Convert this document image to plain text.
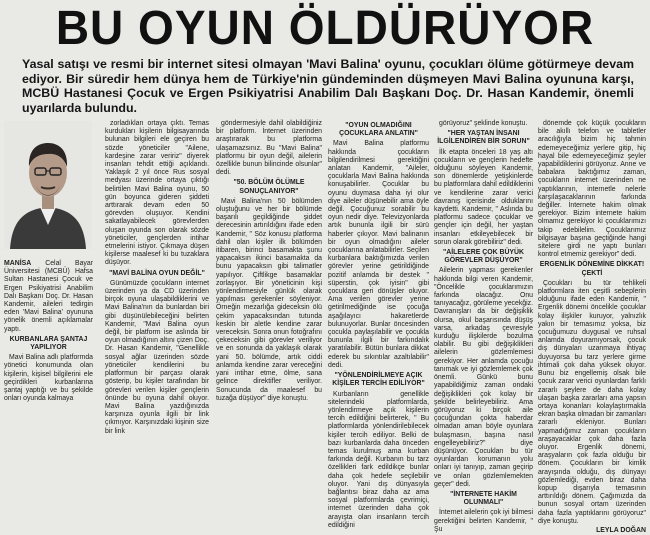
BU OYUN ÖLDÜRÜYOR
Yasal satışı ve resmi bir internet sitesi olmayan 'Mavi Balina' oyunu, çocukları ölüme götürmeye devam ediyor. Bir süredir hem dünya hem de Türkiye'nin gündeminden düşmeyen Mavi Balina oyununa karşı, MCBÜ Hastanesi Çocuk ve Ergen Psikiyatrisi Anabilim Dalı Başkanı Doç. Dr. Hasan Kandemir, önemli uyarılarda bulundu.

MANİSA Celal Bayar Üniversitesi (MCBÜ) Hafsa Sultan Hastanesi Çocuk ve Ergen Psikiyatrisi Anabilim Dalı Başkanı Doç. Dr. Hasan Kandemir, aileleri tedirgin eden 'Mavi Balina' oyununa yönelik önemli açıklamalar yaptı.

KURBANLARA ŞANTAJ YAPILIYOR

Mavi Balina adlı platformda yönetici konumunda olan kişilerin, kişisel bilgilerini ele geçirdikleri kurbanlarına şantaj yaptığı ve bu şekilde onları oyunda kalmaya

zorladıkları ortaya çıktı. Temas kurdukları kişilerin bilgisayarında bulunan bilgileri ele geçiren bu sözde yöneticiler "Ailene, kardeşine zarar veririz" diyerek insanları tehdit ettiği açıklandı. Yaklaşık 2 yıl önce Rus sosyal medyası üzerinde ortaya çıktığı belirtilen Mavi Balina oyunu, 50 gün boyunca gideren şiddeti arttırarak devam eden 50 görevden oluşuyor. Kendini sakatlayabilecek görevlerden oluşan oyunda son olarak sözde yöneticiler, gençlerden intihar etmelerini istiyor. Çıkmaya düşen kişilerse maalesef ki bu tuzaklara düşüyor.

"MAVİ BALİNA OYUN DEĞİL"

Günümüzde çocukların internet üzerinden ya da CD üzerinden birçok oyuna ulaşabildiklerini ve Mavi Balina'nın da bunlardan biri gibi düşünülebileceğini belirten Kandemir, "Mavi Balina oyun değil, bir platform ise aslında bir oyun olmadığının altını çizen Doç. Dr. Hasan Kandemir, "Genellikle sosyal ağlar üzerinden sözde yöneticiler kendilerini bu platformun bir parçası olarak gösterip, bu kişiler tarafından bir görevleri verilen kişiler gençlerin önünde bu oyuna dahil oluyor. Mavi Balina yazdığınızda karşınıza oyunla ilgili bir link çıkmıyor. Karşınızdaki kişinin size bir link

göndermesiyle dahil olabildiğiniz bir platform. İnternet üzerinden araştırarak bu platforma ulaşamazsınız. Bu "Mavi Balina" platformu bir oyun değil, ailelerin özellikle bunun bilincinde olsunlar" dedi.

"50. BÖLÜM ÖLÜMLE SONUÇLANIYOR"

Mavi Balina'nın 50 bölümden oluştuğunu ve her bir bölümde başarılı geçildiğinde şiddet derecesinin artırıldığını ifade eden Kandemir, " Söz konusu platforma dahil olan kişiler ilk bölümden itibaren, birinci basamakta şunu yapacaksın ikinci basamakta da bunu yapacaksın gibi talimatler yapılıyor. Çiftlikge basamaklar zorlaşıyor. Bir yöneticinin kişi yönlendirmesiyle günlük olarak yapılması gerekenler söyleniyor. Örneğin mezarlığa gideceksin ölü çekim yapacaksından tutunda keskin bir aletle kendine zarar vereceksin. Sonra onun fotoğrafını çekeceksin gibi görevler veriliyor ve en sonunda da yaklaşık olarak yani 50. bölümde, artık ciddi anlamda kendine zarar vereceğini yani intihar etme, ölme, sana gelince direktifler veriliyor. Sonucunda da maalesef bu tuzağa düşüyor" diye konuştu.

"OYUN OLMADIĞINI ÇOCUKLARA ANLATIN"

Mavi Balina platformu hakkında çocukların bilgilendirilmesi gerektiğini anlatan Kandemir, "Aileler, çocuklarla Mavi Balina hakkında konuşabilirler. Çocuklar bu oyunu duymasa daha iyi olur diye aileler düşünebilir ama öyle değil. Çocuğunuz sorabilir bu oyun nedir diye. Televizyonlarda artık bununla ilgili bir sürü haberler çıkıyor. Mavi balinanın bir oyun olmadığını aileler çocuklarına anlatabilirler. Seçilen kurbanlara baktığımızda verilen görevler yerine getirildiğinde pozitif anlamda bir destek " süperstin, çok iyisin" gibi çocuklara geri dönüşler oluyor. Ama verilen görevler yerine getirilmediğinde ise çocuğa aşağılayıcı hakaretlerde bulunuyorlar. Bunlar öncesinden çocukla paylaşılabilir ve çocukla bununla ilgili bir farkındalık yaratılabilir. Bütün bunlara dikkat ederek bu sıkıntılar azaltılabilir" dedi.

"YÖNLENDİRİLMEYE AÇIK KİŞİLER TERCİH EDİLİYOR"

Kurbanların genellikle sitelerindeki platformlarda, yönlendirmeye açık kişilerin tercih edildiğini belirterek, " Bu platformlarda yönlendirilebilecek kişiler tercih ediliyor. Belki de bazı kurbanlarda daha önceden temas kurulmuş ama kurban farkında değil. Kurbanın bu tarz özellikleri fark edildikçe bunlar daha çok hedefe seçilebilir oluyor. Yani dış dünyasıyla bağlantısı biraz daha az ama sosyal platformlarda çevrimiçi, internet üzerinden daha çok arayışta olan insanların tercih edildiğini

görüyoruz" şeklinde konuştu.

"HER YAŞTAN İNSANI İLGİLENDİREN BİR SORUN"

İlk etapta önceleri 18 yaş altı çocukların ve gençlerin hedefte olduğunu söyleyen Kandemir, son dönemlerde yetişkinlerde bu platformlara dahil edildiklerini ve kendilerine zarar verici davranış içerisinde olduklarını kaydetti. Kandemir, " Aslında bu platformu sadece çocuklar ve gençler için değil, her yaştan insanları etkileyebilecek bir sorun olarak görebiliriz" dedi.

"AİLELERE ÇOK BÜYÜK GÖREVLER DÜŞÜYOR"

Ailelerin yapması gerekenler hakkında bilgi veren Kandemir, "Öncelikle çocuklarımızın farkında olacağız. Onu tanıyacağız, görüleme yecekğiz. Davranışları da bir değişiklik olursa, okul başarısında düşüş varsa, arkadaş çevresiyle kurduğu ilişkilerde bozulma olabilir. Bu gibi değişiklikleri ailelerin gözlemlemesi gerekiyor. Her anlamda çocuğu tanımak ve iyi gözlemlemek çok önemli. Günkü bunu yapabildiğimiz zaman ondaki değişiklikleri çok kolay bir şekilde belirleyebiliriz. Ama görüyoruz ki birçok aile çocuğundan çokta haberdar olmadan aman böyle oyunlara bulaşmasın, başına nasıl engelleyebiliriz?" diye düşünüyor. Çocukları bu tür oyunlardan korumanın yolu onları iyi tanıyıp, zaman geçirip ve onları gözlemlemekten geçer" dedi.

"İNTERNETE HAKİM OLUNMALI"

İnternet ailelerin çok iyi bilmesi gerektiğini belirten Kandemir, " Şu

dönemde çok küçük çocukların bile akıllı telefon ve tabletler aracılığıyla bizim hiç tahmin edemeyeceğimiz yerlere gitip, hiç hayal bile edemeyeceğimiz şeyler yapabildiklerini görüyoruz. Anne ve babalara baktığımız zaman, çocukların internet üzerinden ne yaptıklarının, internetle nelerle karşılaşacaklarının farkında değiller. İnternete hakim olmak gerekiyor. Bizim internete hakim olmamız gerekiyor ki çocuklarımızı takip edebilelim. Çocuklarımız bilgisayar başına geçtiğinde hangi sitelere girdi ne yaptı bunları kontrol etmemiz gerekiyor" dedi.

ERGENLİK DÖNEMİNE DİKKAT! ÇEKTİ

Çocukları bu tür tehlikeli platformlara iten çeşitli sebeplerin olduğunu ifade eden Kandemir, " Ergenlik dönemi öncelikle çocuklar kolay ilişkiler kuruyor, yalnızlık yakın bir temasımız yoksa, biz çocuğumuzu duygusal ve ruhsal anlamda doyuramıyorsak, çocuk dış dünyaları uzanmaya ihtiyaç duyuyorsa bu tarz yerlere girme ihtimali çok daha yüksek oluyor. Bunu biz engellemiş olsak bile çocuk zarar verici oyunlardan farklı zararlı şeylere de daha kolay ulaşan başka zararları ama yapsın ortaya konanları kolaylaştırmakla ekran başka olmadan bir zamanları zararlı ekleniyor. Bunları yapmadığımız zaman çocukların araşayacaklar çok daha fazla oluyor. Ergenlik dönemi, araşyaların çok fazla olduğu bir dönem. Çocukların bir kimlik arayışında olduğu, dış dünyayı gözlemlediği, evden biraz daha kopup dışarıyla temasının arttırıldığı dönem. Çağımızda da bunun sosyal ortam üzerinden daha fazla yaptıklarını görüyoruz" diye konuştu.

LEYLA DOĞAN
